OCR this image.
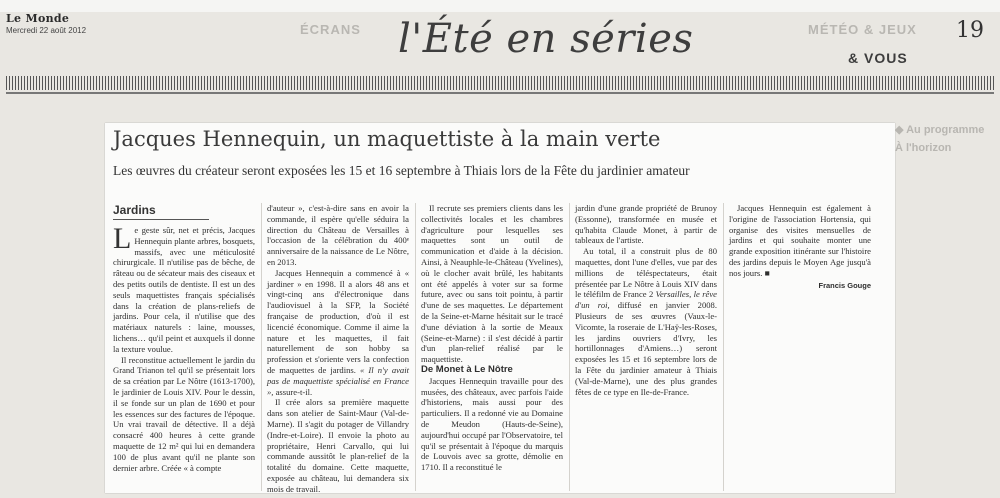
Le Monde
Mercredi 22 août 2012	ÉCRANS l'Été en séries	MÉTÉO & JEUX
& VOUS
19
Jacques Hennequin, un maquettiste à la main verte
Les œuvres du créateur seront exposées les 15 et 16 septembre à Thiais lors de la Fête du jardinier amateur
Jardins

Le geste sûr, net et précis, Jacques Hennequin plante arbres, bosquets, massifs, avec une méticulosité chirurgicale. Il n'utilise pas de bêche, de râteau ou de sécateur mais des ciseaux et des petits outils de dentiste. Il est un des seuls maquettistes français spécialisés dans la création de plans-reliefs de jardins. Pour cela, il n'utilise que des matériaux naturels : laine, mousses, lichens… qu'il peint et auxquels il donne la texture voulue.

Il reconstitue actuellement le jardin du Grand Trianon tel qu'il se présentait lors de sa création par Le Nôtre (1613-1700), le jardinier de Louis XIV. Pour le dessin, il se fonde sur un plan de 1690 et pour les essences sur des factures de l'époque. Un vrai travail de détective. Il a déjà consacré 400 heures à cette grande maquette de 12 m² qui lui en demandera 100 de plus avant qu'il ne plante son dernier arbre. Créée « à compte

d'auteur », c'est-à-dire sans en avoir la commande, il espère qu'elle séduira la direction du Château de Versailles à l'occasion de la célébration du 400ᵉ anniversaire de la naissance de Le Nôtre, en 2013.

Jacques Hennequin a commencé à « jardiner » en 1998. Il a alors 48 ans et vingt-cinq ans d'électronique dans l'audiovisuel à la SFP, la Société française de production, d'où il est licencié économique. Comme il aime la nature et les maquettes, il fait naturellement de son hobby sa profession et s'oriente vers la confection de maquettes de jardins. « Il n'y avait pas de maquettiste spécialisé en France », assure-t-il.

Il crée alors sa première maquette dans son atelier de Saint-Maur (Val-de-Marne). Il s'agit du potager de Villandry (Indre-et-Loire). Il envoie la photo au propriétaire, Henri Carvallo, qui lui commande aussitôt le plan-relief de la totalité du domaine. Cette maquette, exposée au château, lui demandera six mois de travail.

Il recrute ses premiers clients dans les collectivités locales et les chambres d'agriculture pour lesquelles ses maquettes sont un outil de communication et d'aide à la décision. Ainsi, à Neauphle-le-Château (Yvelines), où le clocher avait brûlé, les habitants ont été appelés à voter sur sa forme future, avec ou sans toit pointu, à partir d'une de ses maquettes. Le département de la Seine-et-Marne hésitait sur le tracé d'une déviation à la sortie de Meaux (Seine-et-Marne) : il s'est décidé à partir d'un plan-relief réalisé par le maquettiste.

De Monet à Le Nôtre

Jacques Hennequin travaille pour des musées, des châteaux, avec parfois l'aide d'historiens, mais aussi pour des particuliers. Il a redonné vie au Domaine de Meudon (Hauts-de-Seine), aujourd'hui occupé par l'Observatoire, tel qu'il se présentait à l'époque du marquis de Louvois avec sa grotte, démolie en 1710. Il a reconstitué le

jardin d'une grande propriété de Brunoy (Essonne), transformée en musée et qu'habita Claude Monet, à partir de tableaux de l'artiste.

Au total, il a construit plus de 80 maquettes, dont l'une d'elles, vue par des millions de téléspectateurs, était présentée par Le Nôtre à Louis XIV dans le téléfilm de France 2 Versailles, le rêve d'un roi, diffusé en janvier 2008. Plusieurs de ses œuvres (Vaux-le-Vicomte, la roseraie de L'Haÿ-les-Roses, les jardins ouvriers d'Ivry, les hortillonnages d'Amiens…) seront exposées les 15 et 16 septembre lors de la Fête du jardinier amateur à Thiais (Val-de-Marne), une des plus grandes fêtes de ce type en Ile-de-France.

Jacques Hennequin est également à l'origine de l'association Hortensia, qui organise des visites mensuelles de jardins et qui souhaite monter une grande exposition itinérante sur l'histoire des jardins depuis le Moyen Age jusqu'à nos jours. ■

Francis Gouge
◆ Au programme
À l'horizon
